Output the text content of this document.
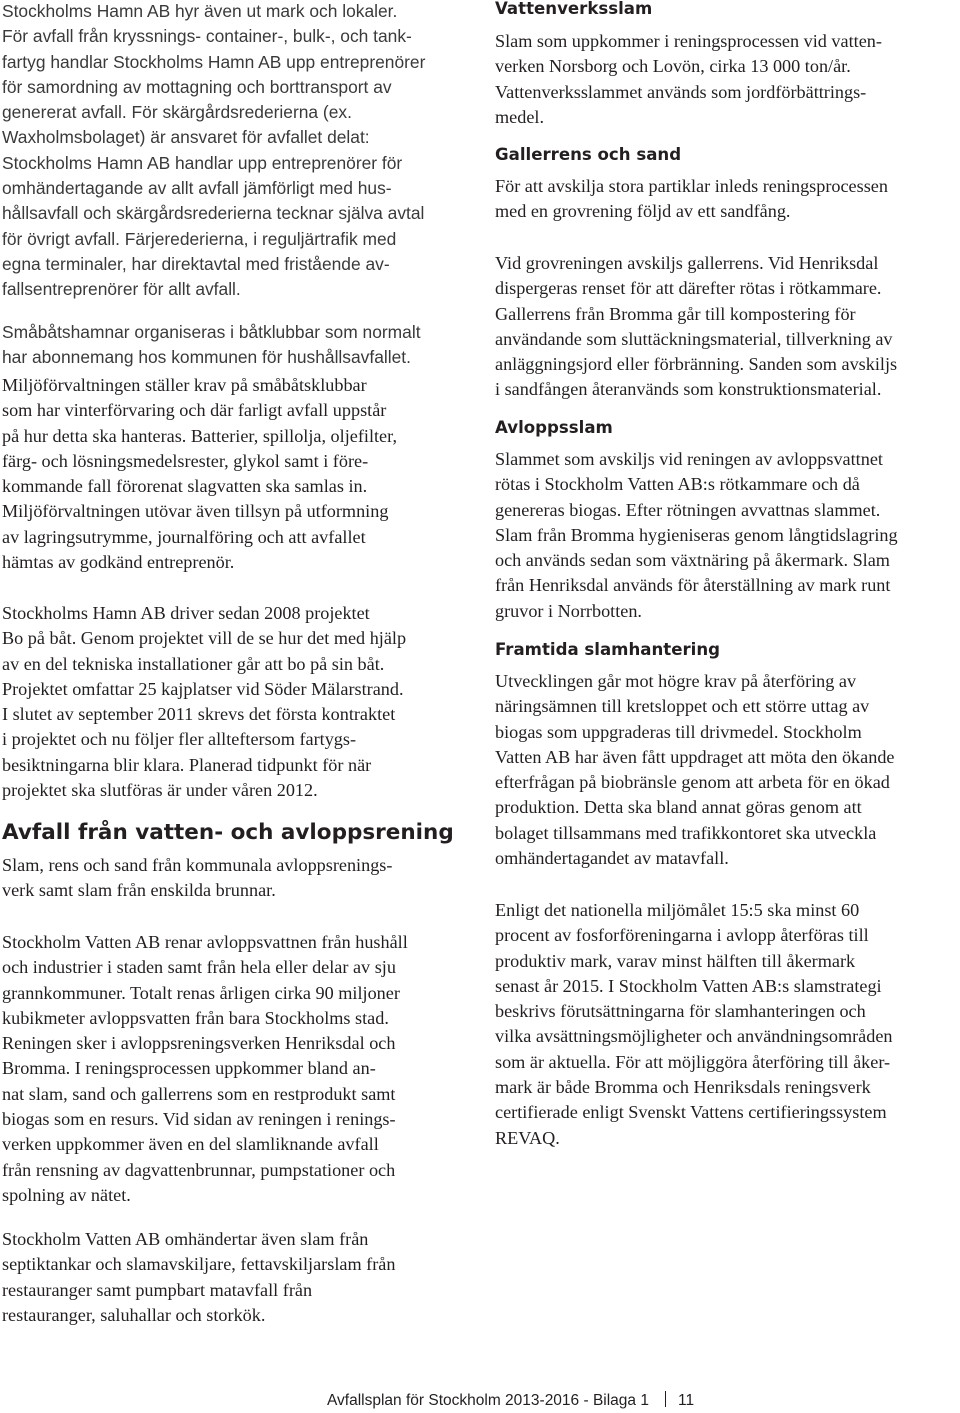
Stockholms Hamn AB hyr även ut mark och lokaler.
För avfall från kryssnings- container-, bulk-, och tank-
fartyg handlar Stockholms Hamn AB upp entreprenörer
för samordning av mottagning och borttransport av
genererat avfall. För skärgårdsrederierna (ex.
Waxholmsbolaget) är ansvaret för avfallet delat:
Stockholms Hamn AB handlar upp entreprenörer för
omhändertagande av allt avfall jämförligt med hus-
hållsavfall och skärgårdsrederierna tecknar själva avtal
för övrigt avfall. Färjerederierna, i reguljärtrafik med
egna terminaler, har direktavtal med fristående av-
fallsentreprenörer för allt avfall.

Småbåtshamnar organiseras i båtklubbar som normalt
har abonnemang hos kommunen för hushållsavfallet.

Miljöförvaltningen ställer krav på småbåtsklubbar
som har vinterförvaring och där farligt avfall uppstår
på hur detta ska hanteras. Batterier, spillolja, oljefilter,
färg- och lösningsmedelsrester, glykol samt i före-
kommande fall förorenat slagvatten ska samlas in.
Miljöförvaltningen utövar även tillsyn på utformning
av lagringsutrymme, journalföring och att avfallet
hämtas av godkänd entreprenör.

Stockholms Hamn AB driver sedan 2008 projektet
Bo på båt. Genom projektet vill de se hur det med hjälp
av en del tekniska installationer går att bo på sin båt.
Projektet omfattar 25 kajplatser vid Söder Mälarstrand.
I slutet av september 2011 skrevs det första kontraktet
i projektet och nu följer fler allteftersom fartygs-
besiktningarna blir klara. Planerad tidpunkt för när
projektet ska slutföras är under våren 2012.

Avfall från vatten- och avloppsrening

Slam, rens och sand från kommunala avloppsrenings-
verk samt slam från enskilda brunnar.

Stockholm Vatten AB renar avloppsvattnen från hushåll
och industrier i staden samt från hela eller delar av sju
grannkommuner. Totalt renas årligen cirka 90 miljoner
kubikmeter avloppsvatten från bara Stockholms stad.
Reningen sker i avloppsreningsverken Henriksdal och
Bromma. I reningsprocessen uppkommer bland an-
nat slam, sand och gallerrens som en restprodukt samt
biogas som en resurs. Vid sidan av reningen i renings-
verken uppkommer även en del slamliknande avfall
från rensning av dagvattenbrunnar, pumpstationer och
spolning av nätet.

Stockholm Vatten AB omhändertar även slam från
septiktankar och slamavskiljare, fettavskiljarslam från
restauranger samt pumpbart matavfall från
restauranger, saluhallar och storkök.

Vattenverksslam

Slam som uppkommer i reningsprocessen vid vatten-
verken Norsborg och Lovön, cirka 13 000 ton/år.
Vattenverksslammet används som jordförbättrings-
medel.

Gallerrens och sand

För att avskilja stora partiklar inleds reningsprocessen
med en grovrening följd av ett sandfång.

Vid grovreningen avskiljs gallerrens. Vid Henriksdal
dispergeras renset för att därefter rötas i rötkammare.
Gallerrens från Bromma går till kompostering för
användande som sluttäckningsmaterial, tillverkning av
anläggningsjord eller förbränning. Sanden som avskiljs
i sandfången återanvänds som konstruktionsmaterial.

Avloppsslam

Slammet som avskiljs vid reningen av avloppsvattnet
rötas i Stockholm Vatten AB:s rötkammare och då
genereras biogas. Efter rötningen avvattnas slammet.
Slam från Bromma hygieniseras genom långtidslagring
och används sedan som växtnäring på åkermark. Slam
från Henriksdal används för återställning av mark runt
gruvor i Norrbotten.

Framtida slamhantering

Utvecklingen går mot högre krav på återföring av
näringsämnen till kretsloppet och ett större uttag av
biogas som uppgraderas till drivmedel. Stockholm
Vatten AB har även fått uppdraget att möta den ökande
efterfrågan på biobränsle genom att arbeta för en ökad
produktion. Detta ska bland annat göras genom att
bolaget tillsammans med trafikkontoret ska utveckla
omhändertagandet av matavfall.

Enligt det nationella miljömålet 15:5 ska minst 60
procent av fosforföreningarna i avlopp återföras till
produktiv mark, varav minst hälften till åkermark
senast år 2015. I Stockholm Vatten AB:s slamstrategi
beskrivs förutsättningarna för slamhanteringen och
vilka avsättningsmöjligheter och användningsområden
som är aktuella. För att möjliggöra återföring till åker-
mark är både Bromma och Henriksdals reningsverk
certifierade enligt Svenskt Vattens certifieringssystem
REVAQ.

Avfallsplan för Stockholm 2013-2016 - Bilaga 1 11
